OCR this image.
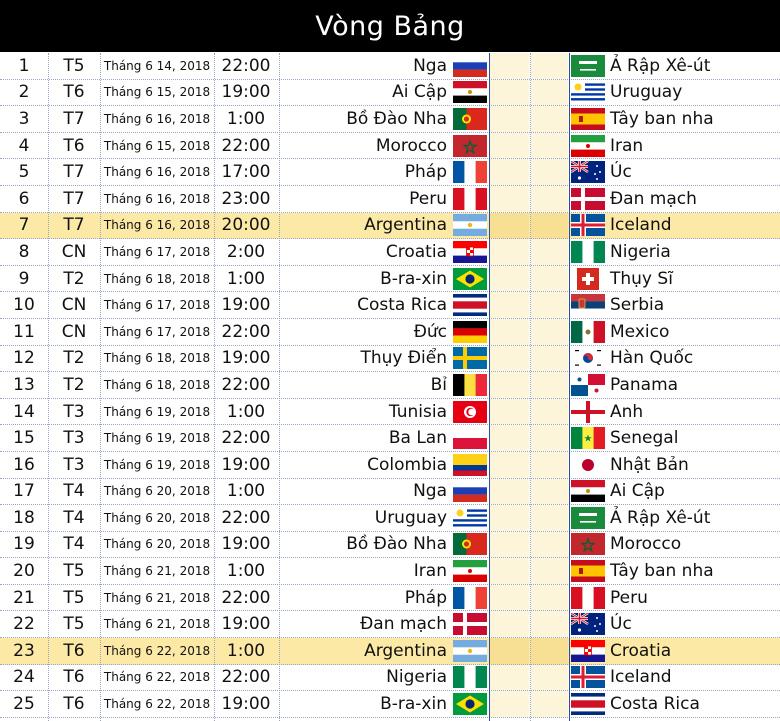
Vòng Bảng
1	T5	Tháng 6 14, 2018 22:00	Nga	Ả Rập Xê-út
2	T6	Tháng 6 15, 2018 19:00	Ai Cập	Uruguay
3	T7	Tháng 6 16, 2018 1:00	Bồ Đào Nha	Tây ban nha
4	T6	Tháng 6 15, 2018 22:00	Morocco	Iran
5	T7	Tháng 6 16, 2018 17:00	Pháp	Úc
6	T7	Tháng 6 16, 2018 23:00	Peru	Đan mạch
7	T7	Tháng 6 16, 2018 20:00	Argentina	Iceland
8	CN	Tháng 6 17, 2018 2:00	Croatia	Nigeria
9	T2	Tháng 6 18, 2018 1:00	B-ra-xin	Thụy Sĩ
10	CN	Tháng 6 17, 2018 19:00	Costa Rica	Serbia
11	CN	Tháng 6 17, 2018 22:00	Đức	Mexico
12	T2	Tháng 6 18, 2018 19:00	Thụy Điển	Hàn Quốc
13	T2	Tháng 6 18, 2018 22:00	Bỉ	Panama
14	T3	Tháng 6 19, 2018 1:00	Tunisia	Anh
15	T3	Tháng 6 19, 2018 22:00	Ba Lan	Senegal
16	T3	Tháng 6 19, 2018 19:00	Colombia	Nhật Bản
17	T4	Tháng 6 20, 2018 1:00	Nga	Ai Cập
18	T4	Tháng 6 20, 2018 22:00	Uruguay	Ả Rập Xê-út
19	T4	Tháng 6 20, 2018 19:00	Bồ Đào Nha	Morocco
20	T5	Tháng 6 21, 2018 1:00	Iran	Tây ban nha
21	T5	Tháng 6 21, 2018 22:00	Pháp	Peru
22	T5	Tháng 6 21, 2018 19:00	Đan mạch	Úc
23	T6	Tháng 6 22, 2018 1:00	Argentina	Croatia
24	T6	Tháng 6 22, 2018 22:00	Nigeria	Iceland
25	T6	Tháng 6 22, 2018 19:00	B-ra-xin	Costa Rica
